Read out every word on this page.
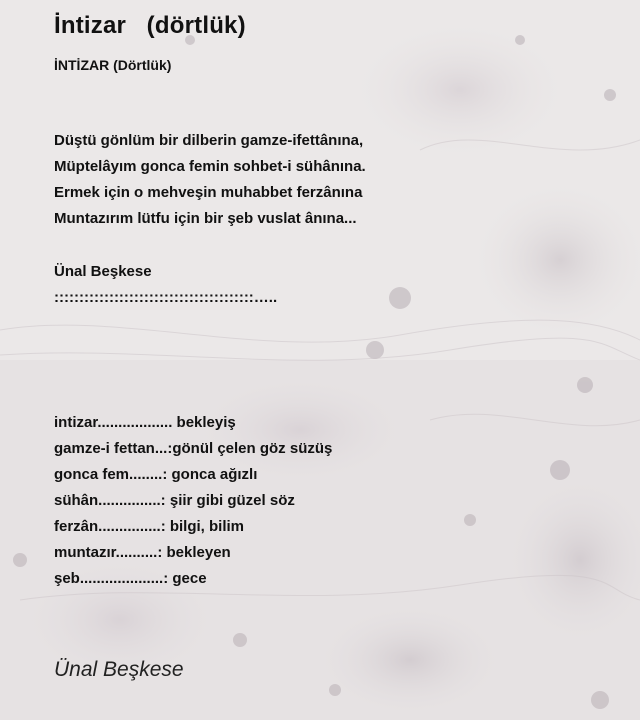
İntizar   (dörtlük)
İNTİZAR (Dörtlük)
Düştü gönlüm bir dilberin gamze-ifettânına,
Müptelâyım gonca femin sohbet-i sühânına.
Ermek için o mehveşin muhabbet ferzânına
Muntazırım lütfu için bir şeb vuslat ânına...
Ünal Beşkese
::::::::::::::::::::::::::::::::::::::::…..
intizar.................. bekleyiş
gamze-i fettan...:gönül çelen göz süzüş
gonca fem........: gonca ağızlı
sühân...............: şiir gibi güzel söz
ferzân...............: bilgi, bilim
muntazır..........: bekleyen
şeb....................: gece
Ünal Beşkese
